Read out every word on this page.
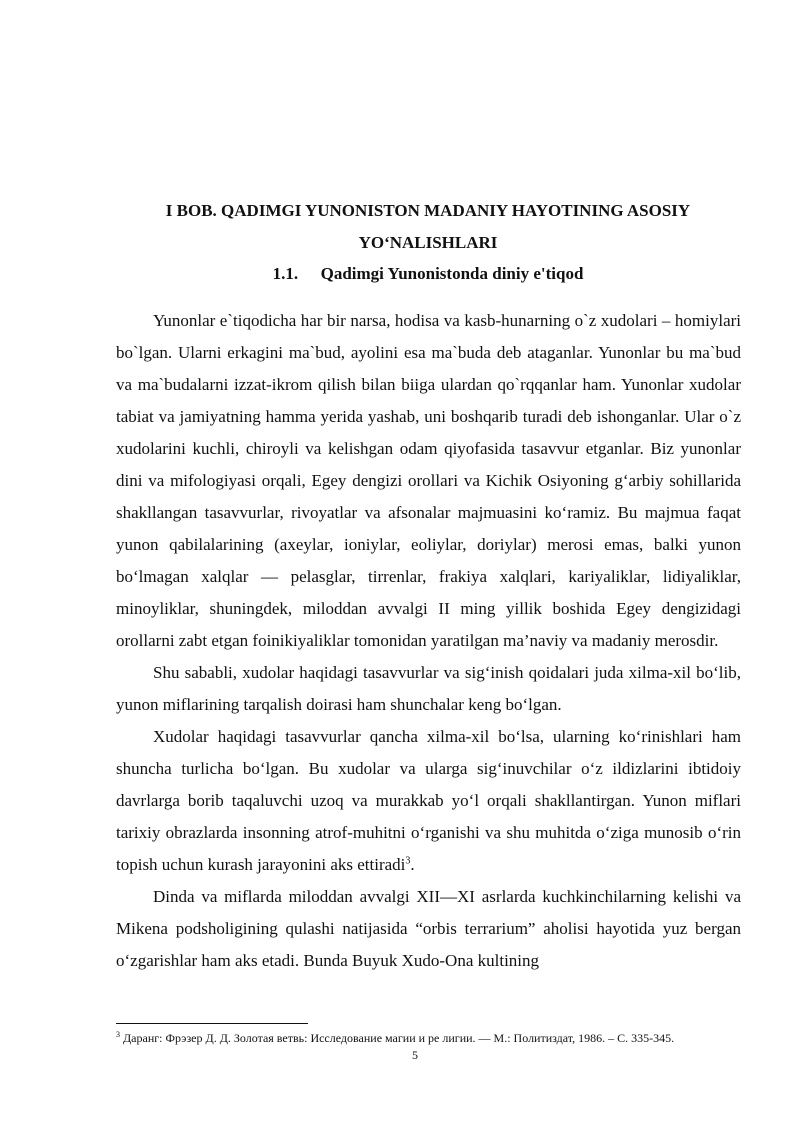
I BOB. QADIMGI YUNONISTON MADANIY HAYOTINING ASOSIY
YO‘NALISHLARI
1.1. Qadimgi Yunonistonda diniy e'tiqod

Yunonlar e`tiqodicha har bir narsa, hodisa va kasb-hunarning o`z xudolari – homiylari bo`lgan. Ularni erkagini ma`bud, ayolini esa ma`buda deb ataganlar. Yunonlar bu ma`bud va ma`budalarni izzat-ikrom qilish bilan biiga ulardan qo`rqqanlar ham. Yunonlar xudolar tabiat va jamiyatning hamma yerida yashab, uni boshqarib turadi deb ishonganlar. Ular o`z xudolarini kuchli, chiroyli va kelishgan odam qiyofasida tasavvur etganlar. Biz yunonlar dini va mifologiyasi orqali, Egey dengizi orollari va Kichik Osiyoning g‘arbiy sohillarida shakllangan tasavvurlar, rivoyatlar va afsonalar majmuasini ko‘ramiz. Bu majmua faqat yunon qabilalarining (axeylar, ioniylar, eoliylar, doriylar) merosi emas, balki yunon bo‘lmagan xalqlar — pelasglar, tirrenlar, frakiya xalqlari, kariyaliklar, lidiyaliklar, minoyliklar, shuningdek, miloddan avvalgi II ming yillik boshida Egey dengizidagi orollarni zabt etgan foinikiyaliklar tomonidan yaratilgan ma’naviy va madaniy merosdir.

Shu sababli, xudolar haqidagi tasavvurlar va sig‘inish qoidalari juda xilma-xil bo‘lib, yunon miflarining tarqalish doirasi ham shunchalar keng bo‘lgan.

Xudolar haqidagi tasavvurlar qancha xilma-xil bo‘lsa, ularning ko‘rinishlari ham shuncha turlicha bo‘lgan. Bu xudolar va ularga sig‘inuvchilar o‘z ildizlarini ibtidoiy davrlarga borib taqaluvchi uzoq va murakkab yo‘l orqali shakllantirgan. Yunon miflari tarixiy obrazlarda insonning atrof-muhitni o‘rganishi va shu muhitda o‘ziga munosib o‘rin topish uchun kurash jarayonini aks ettiradi$^3$.

Dinda va miflarda miloddan avvalgi XII—XI asrlarda kuchkinchilarning kelishi va Mikena podsholigining qulashi natijasida “orbis terrarium” aholisi hayotida yuz bergan o‘zgarishlar ham aks etadi. Bunda Buyuk Xudo-Ona kultining

$^3$ Даранг: Фрэзер Д. Д. Золотая ветвь: Исследование магии и ре лигии. — М.: Политиздат, 1986. – С. 335-345.

5
